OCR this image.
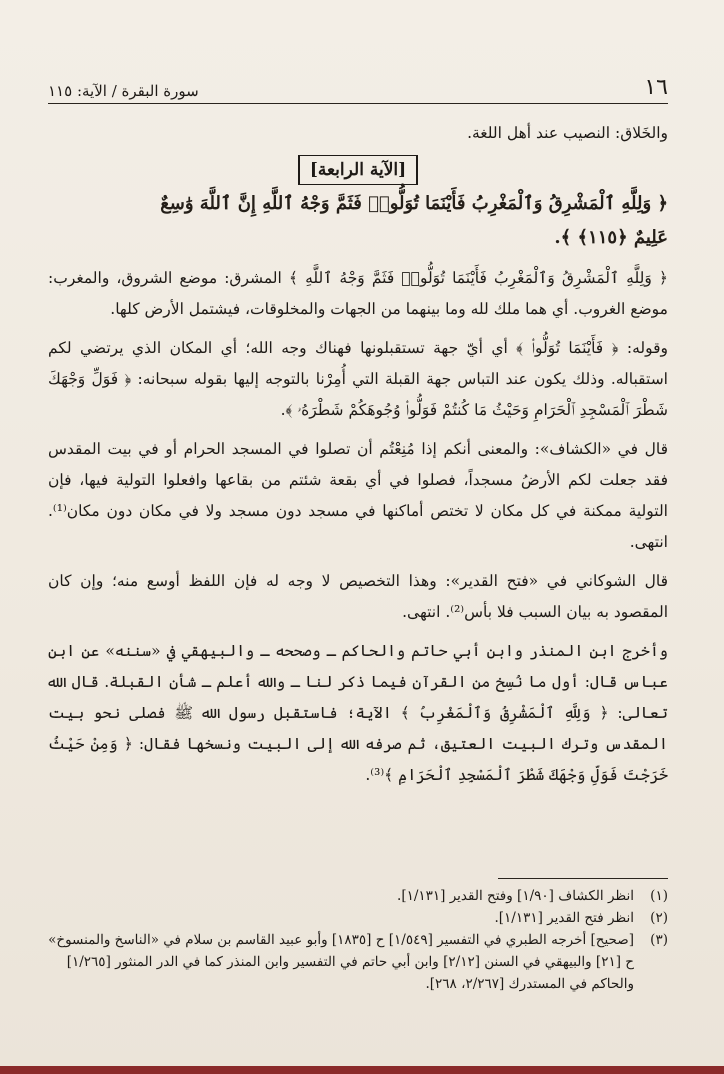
١٦
سورة البقرة / الآية: ١١٥

والخَلاق: النصيب عند أهل اللغة.

[الآية الرابعة]

﴿ وَلِلَّهِ ٱلْمَشْرِقُ وَٱلْمَغْرِبُ فَأَيْنَمَا تُوَلُّوا۟ فَثَمَّ وَجْهُ ٱللَّهِ إِنَّ ٱللَّهَ وَٰسِعٌ

عَلِيمٌ ﴿١١٥﴾ ﴾.

﴿ وَلِلَّهِ ٱلْمَشْرِقُ وَٱلْمَغْرِبُ فَأَيْنَمَا تُوَلُّوا۟ فَثَمَّ وَجْهُ ٱللَّهِ ﴾ المشرق: موضع الشروق، والمغرب: موضع الغروب. أي هما ملك لله وما بينهما من الجهات والمخلوقات، فيشتمل الأرض كلها.

وقوله: ﴿ فَأَيْنَمَا تُوَلُّوا۟ ﴾ أي أيّ جهة تستقبلونها فهناك وجه الله؛ أي المكان الذي يرتضي لكم استقباله. وذلك يكون عند التباس جهة القبلة التي أُمِرْنا بالتوجه إليها بقوله سبحانه: ﴿ فَوَلِّ وَجْهَكَ شَطْرَ ٱلْمَسْجِدِ ٱلْحَرَامِ وَحَيْثُ مَا كُنتُمْ فَوَلُّوا۟ وُجُوهَكُمْ شَطْرَهُۥ ﴾.

قال في «الكشاف»: والمعنى أنكم إذا مُنِعْتُم أن تصلوا في المسجد الحرام أو في بيت المقدس فقد جعلت لكم الأرضُ مسجداً، فصلوا في أي بقعة شئتم من بقاعها وافعلوا التولية فيها، فإن التولية ممكنة في كل مكان لا تختص أماكنها في مسجد دون مسجد ولا في مكان دون مكان⁽¹⁾. انتهى.

قال الشوكاني في «فتح القدير»: وهذا التخصيص لا وجه له فإن اللفظ أوسع منه؛ وإن كان المقصود به بيان السبب فلا بأس⁽²⁾. انتهى.

وأخرج ابن المنذر وابن أبي حاتم والحاكم ـ وصححه ـ والبيهقي في «سننه» عن ابن عباس قال: أول ما نُسِخ من القرآن فيما ذكر لنا ـ والله أعلم ـ شأن القبلة. قال الله تعالى: ﴿ وَلِلَّهِ ٱلْمَشْرِقُ وَٱلْمَغْرِبُ ﴾ الآية؛ فاستقبل رسول الله ﷺ فصلى نحو بيت المقدس وترك البيت العتيق، ثم صرفه الله إلى البيت ونسخها فقال: ﴿ وَمِنْ حَيْثُ خَرَجْتَ فَوَلِّ وَجْهَكَ شَطْرَ ٱلْمَسْجِدِ ٱلْحَرَامِ ﴾⁽³⁾.

(١)
انظر الكشاف [١/٩٠] وفتح القدير [١/١٣١].
(٢)
انظر فتح القدير [١/١٣١].
(٣)
[صحيح] أخرجه الطبري في التفسير [١/٥٤٩] ح [١٨٣٥] وأبو عبيد القاسم بن سلام في «الناسخ والمنسوخ» ح [٢١] والبيهقي في السنن [٢/١٢] وابن أبي حاتم في التفسير وابن المنذر كما في الدر المنثور [١/٢٦٥] والحاكم في المستدرك [٢/٢٦٧، ٢٦٨].
